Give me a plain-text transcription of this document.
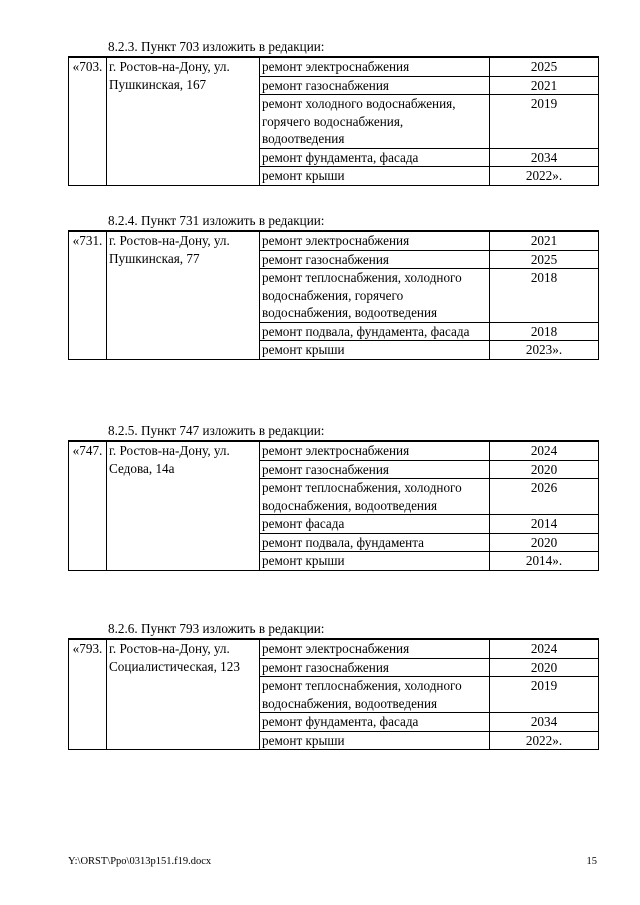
8.2.3. Пункт 703 изложить в редакции:
«703.	г. Ростов-на-Дону, ул. Пушкинская, 167	ремонт электроснабжения	2025
		ремонт газоснабжения	2021
		ремонт холодного водоснабжения, горячего водоснабжения, водоотведения	2019
		ремонт фундамента, фасада	2034
		ремонт крыши	2022».
8.2.4. Пункт 731 изложить в редакции:
«731.	г. Ростов-на-Дону, ул. Пушкинская, 77	ремонт электроснабжения	2021
		ремонт газоснабжения	2025
		ремонт теплоснабжения, холодного водоснабжения, горячего водоснабжения, водоотведения	2018
		ремонт подвала, фундамента, фасада	2018
		ремонт крыши	2023».
8.2.5. Пункт 747 изложить в редакции:
«747.	г. Ростов-на-Дону, ул. Седова, 14а	ремонт электроснабжения	2024
		ремонт газоснабжения	2020
		ремонт теплоснабжения, холодного водоснабжения, водоотведения	2026
		ремонт фасада	2014
		ремонт подвала, фундамента	2020
		ремонт крыши	2014».
8.2.6. Пункт 793 изложить в редакции:
«793.	г. Ростов-на-Дону, ул. Социалистическая, 123	ремонт электроснабжения	2024
		ремонт газоснабжения	2020
		ремонт теплоснабжения, холодного водоснабжения, водоотведения	2019
		ремонт фундамента, фасада	2034
		ремонт крыши	2022».
Y:\ORST\Ppo\0313p151.f19.docx	15
